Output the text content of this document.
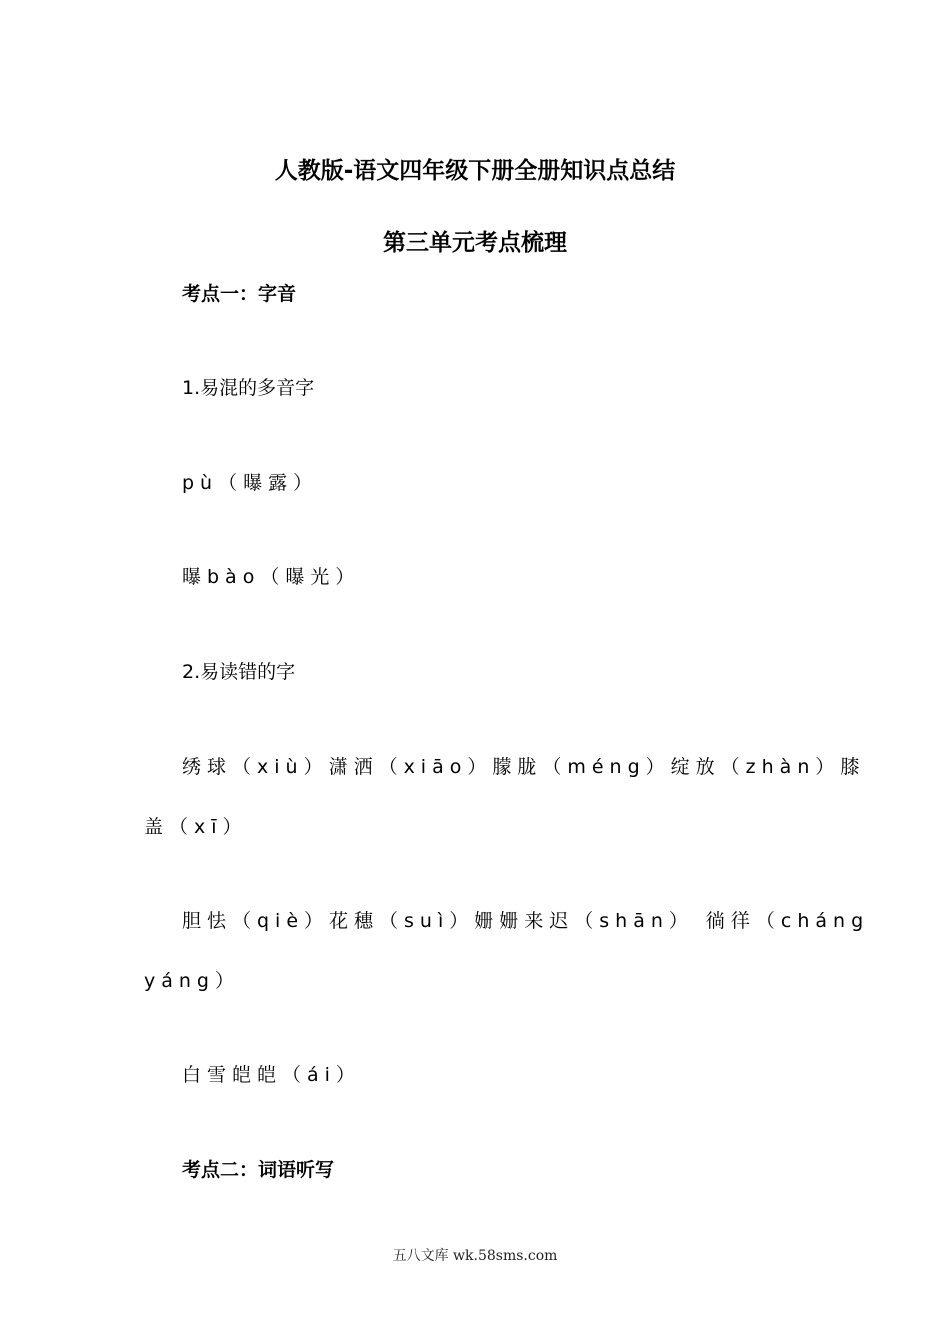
人教版-语文四年级下册全册知识点总结
第三单元考点梳理
考点一：字音
1.易混的多音字
pù（曝露）
曝bào（曝光）
2.易读错的字
绣球（xiù）潇洒（xiāo）朦胧（méng）绽放（zhàn）膝
盖（xī）
胆怯（qiè）花穗（suì）姗姗来迟（shān） 徜徉（cháng
yáng）
白雪皑皑（ái）
考点二：词语听写
五八文库 wk.58sms.com
